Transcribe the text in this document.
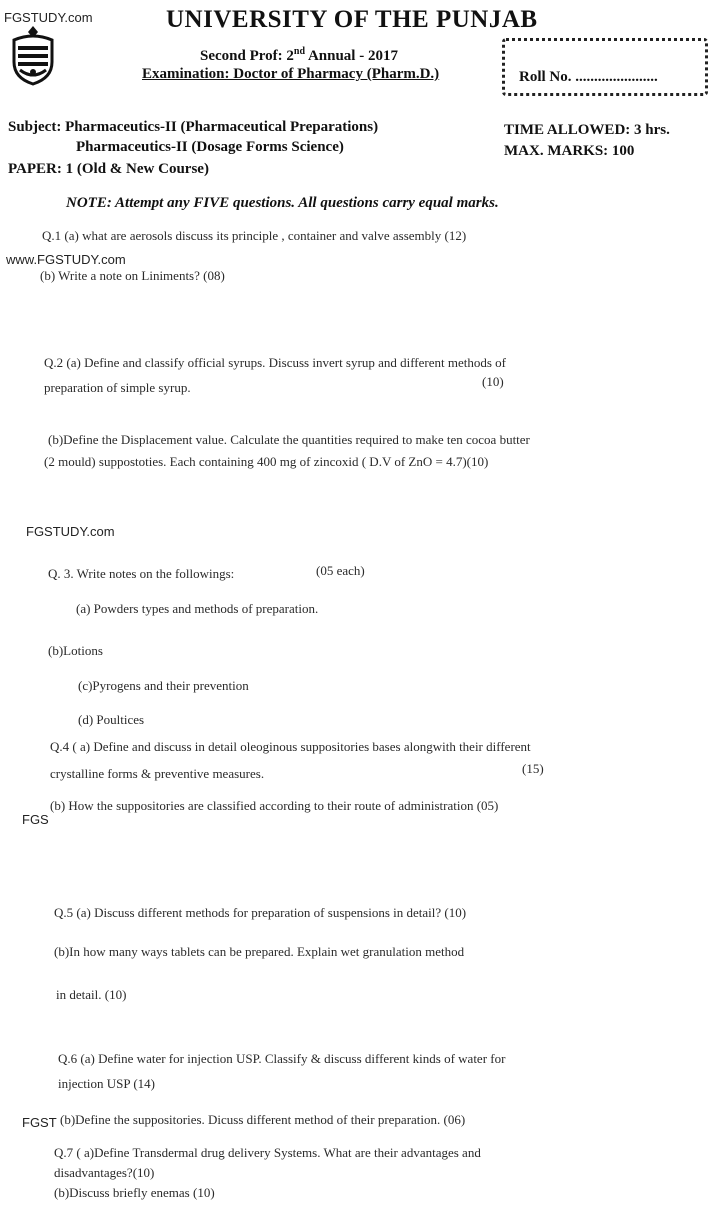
FGSTUDY.com
www.FGSTUDY.com
FGSTUDY.com
FGS
FGST
UNIVERSITY OF THE PUNJAB
Second Prof: 2nd Annual - 2017
Examination: Doctor of Pharmacy (Pharm.D.)	Roll No. ......................
Subject: Pharmaceutics-II (Pharmaceutical Preparations)
Pharmaceutics-II (Dosage Forms Science)
PAPER: 1 (Old & New Course)
TIME ALLOWED: 3 hrs.
MAX. MARKS: 100
NOTE: Attempt any FIVE questions. All questions carry equal marks.
Q.1 (a) what are aerosols discuss its principle , container and valve assembly (12)
(b) Write a note on Liniments? (08)
Q.2 (a) Define and classify official syrups. Discuss invert syrup and different methods of
preparation of simple syrup.	(10)
(b)Define the Displacement value. Calculate the quantities required to make ten cocoa butter
(2 mould) suppostoties. Each containing 400 mg of zincoxid ( D.V of ZnO = 4.7)(10)
Q. 3. Write notes on the followings:	(05 each)
(a) Powders types and methods of preparation.
(b)Lotions
(c)Pyrogens and their prevention
(d) Poultices
Q.4 ( a) Define and discuss in detail oleoginous suppositories bases alongwith their different
crystalline forms & preventive measures.	(15)
(b) How the suppositories are classified according to their route of administration (05)
Q.5 (a) Discuss different methods for preparation of suspensions in detail? (10)
(b)In how many ways tablets can be prepared. Explain wet granulation method
in detail. (10)
Q.6 (a) Define water for injection USP. Classify & discuss different kinds of water for
injection USP (14)
(b)Define the suppositories. Dicuss different method of their preparation. (06)
Q.7 ( a)Define Transdermal drug delivery Systems. What are their advantages and
disadvantages?(10)
(b)Discuss briefly enemas (10)
